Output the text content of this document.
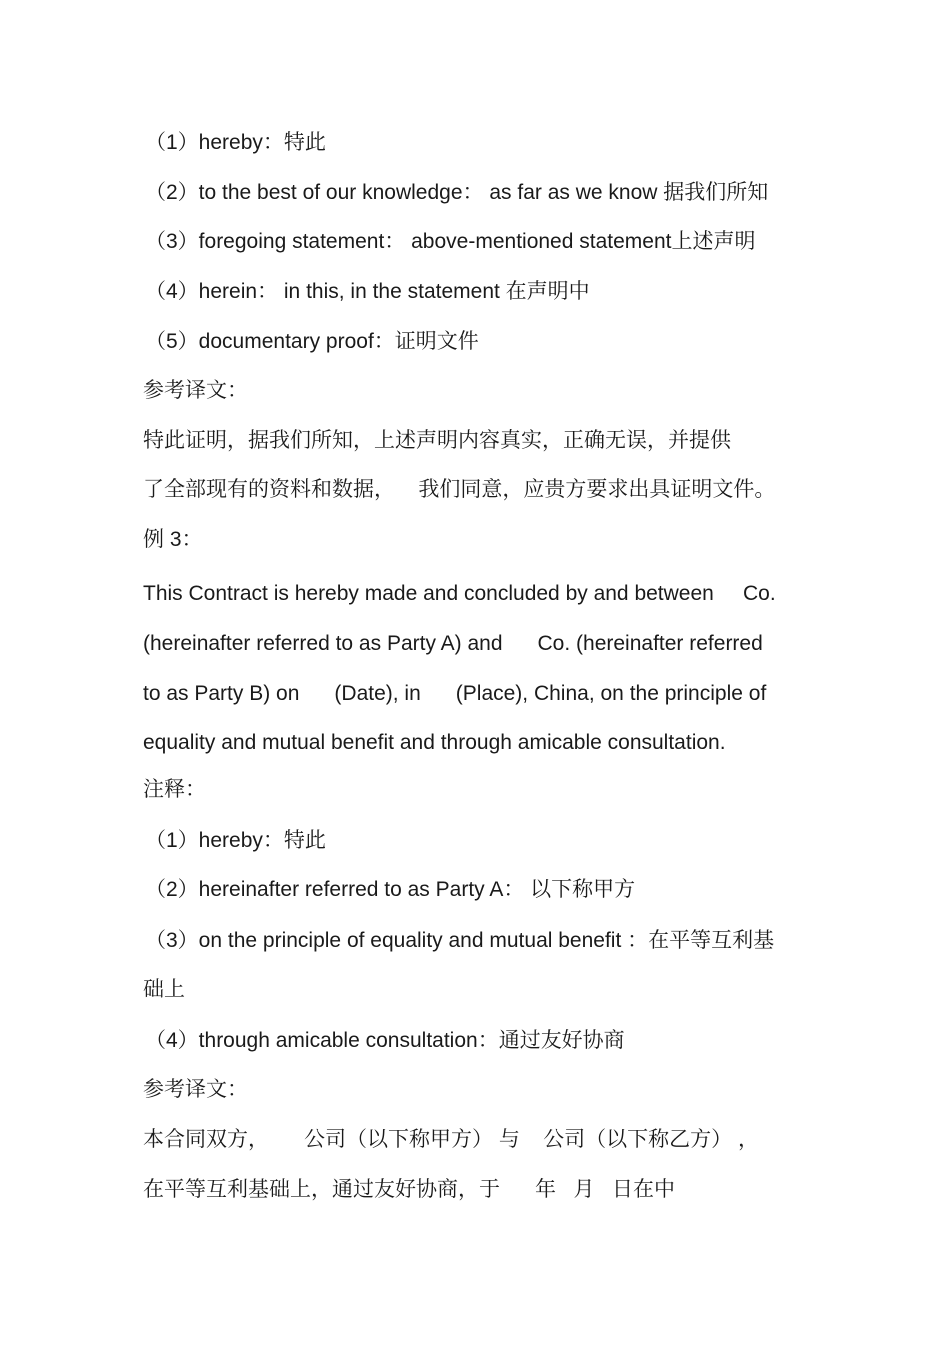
（1）hereby：特此

（2）to the best of our knowledge： as far as we know 据我们所知

（3）foregoing statement： above-mentioned statement上述声明

（4）herein： in this, in the statement 在声明中

（5）documentary proof：证明文件

参考译文：

特此证明，据我们所知，上述声明内容真实，正确无误，并提供

了全部现有的资料和数据，    我们同意，应贵方要求出具证明文件。

例 3：

This Contract is hereby made and concluded by and between     Co.

(hereinafter referred to as Party A) and      Co. (hereinafter referred

to as Party B) on      (Date), in      (Place), China, on the principle of

equality and mutual benefit and through amicable consultation.

注释：

（1）hereby：特此

（2）hereinafter referred to as Party A： 以下称甲方

（3）on the principle of equality and mutual benefit ：在平等互利基

础上

（4）through amicable consultation：通过友好协商

参考译文：

本合同双方，      公司（以下称甲方） 与    公司（以下称乙方） ，

在平等互利基础上，通过友好协商，于      年   月   日在中
